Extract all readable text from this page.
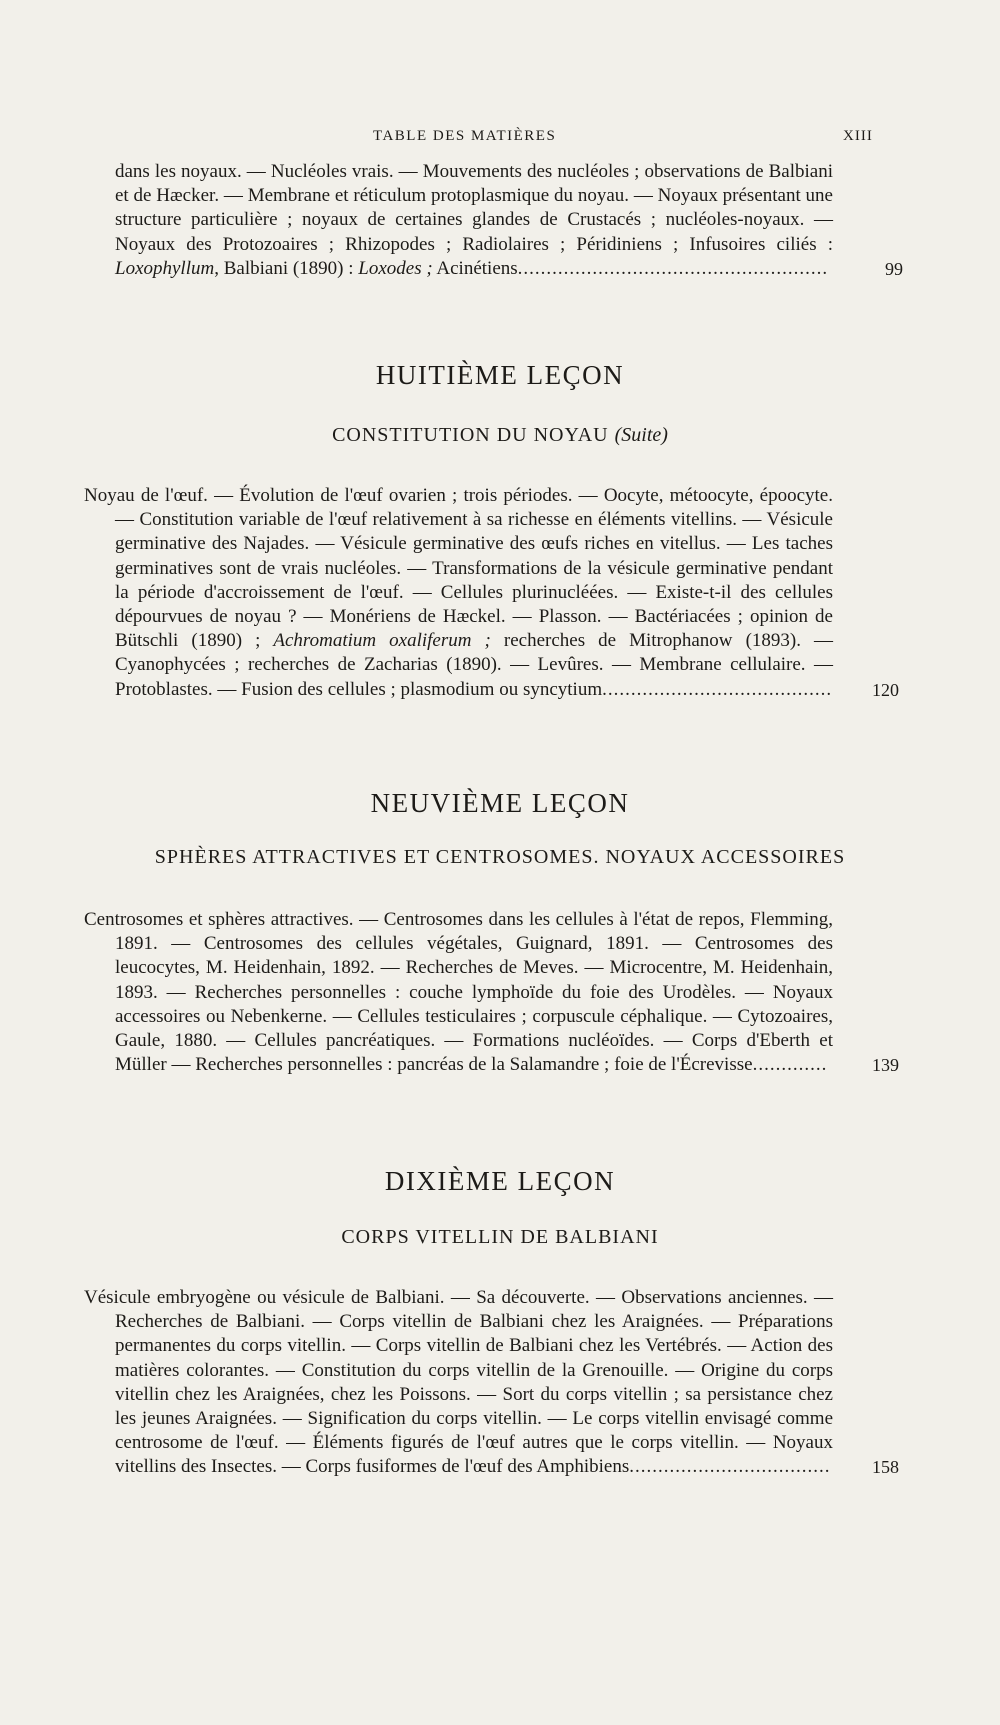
TABLE DES MATIÈRES	XIII
dans les noyaux. — Nucléoles vrais. — Mouvements des nucléoles ; observations de Balbiani et de Hæcker. — Membrane et réticulum protoplasmique du noyau. — Noyaux présentant une structure particulière ; noyaux de certaines glandes de Crustacés ; nucléoles-noyaux. — Noyaux des Protozoaires ; Rhizopodes ; Radiolaires ; Péridiniens ; Infusoires ciliés : Loxophyllum, Balbiani (1890) : Loxodes ; Acinétiens......................................................	99
HUITIÈME LEÇON
CONSTITUTION DU NOYAU (Suite)
Noyau de l'œuf. — Évolution de l'œuf ovarien ; trois périodes. — Oocyte, métoocyte, époocyte. — Constitution variable de l'œuf relativement à sa richesse en éléments vitellins. — Vésicule germinative des Najades. — Vésicule germinative des œufs riches en vitellus. — Les taches germinatives sont de vrais nucléoles. — Transformations de la vésicule germinative pendant la période d'accroissement de l'œuf. — Cellules plurinucléées. — Existe-t-il des cellules dépourvues de noyau ? — Monériens de Hæckel. — Plasson. — Bactériacées ; opinion de Bütschli (1890) ; Achromatium oxaliferum ; recherches de Mitrophanow (1893). — Cyanophycées ; recherches de Zacharias (1890). — Levûres. — Membrane cellulaire. — Protoblastes. — Fusion des cellules ; plasmodium ou syncytium........................................ 120
NEUVIÈME LEÇON
SPHÈRES ATTRACTIVES ET CENTROSOMES. NOYAUX ACCESSOIRES
Centrosomes et sphères attractives. — Centrosomes dans les cellules à l'état de repos, Flemming, 1891. — Centrosomes des cellules végétales, Guignard, 1891. — Centrosomes des leucocytes, M. Heidenhain, 1892. — Recherches de Meves. — Microcentre, M. Heidenhain, 1893. — Recherches personnelles : couche lymphoïde du foie des Urodèles. — Noyaux accessoires ou Nebenkerne. — Cellules testiculaires ; corpuscule céphalique. — Cytozoaires, Gaule, 1880. — Cellules pancréatiques. — Formations nucléoïdes. — Corps d'Eberth et Müller — Recherches personnelles : pancréas de la Salamandre ; foie de l'Écrevisse............. 139
DIXIÈME LEÇON
CORPS VITELLIN DE BALBIANI
Vésicule embryogène ou vésicule de Balbiani. — Sa découverte. — Observations anciennes. — Recherches de Balbiani. — Corps vitellin de Balbiani chez les Araignées. — Préparations permanentes du corps vitellin. — Corps vitellin de Balbiani chez les Vertébrés. — Action des matières colorantes. — Constitution du corps vitellin de la Grenouille. — Origine du corps vitellin chez les Araignées, chez les Poissons. — Sort du corps vitellin ; sa persistance chez les jeunes Araignées. — Signification du corps vitellin. — Le corps vitellin envisagé comme centrosome de l'œuf. — Éléments figurés de l'œuf autres que le corps vitellin. — Noyaux vitellins des Insectes. — Corps fusiformes de l'œuf des Amphibiens................................... 158
